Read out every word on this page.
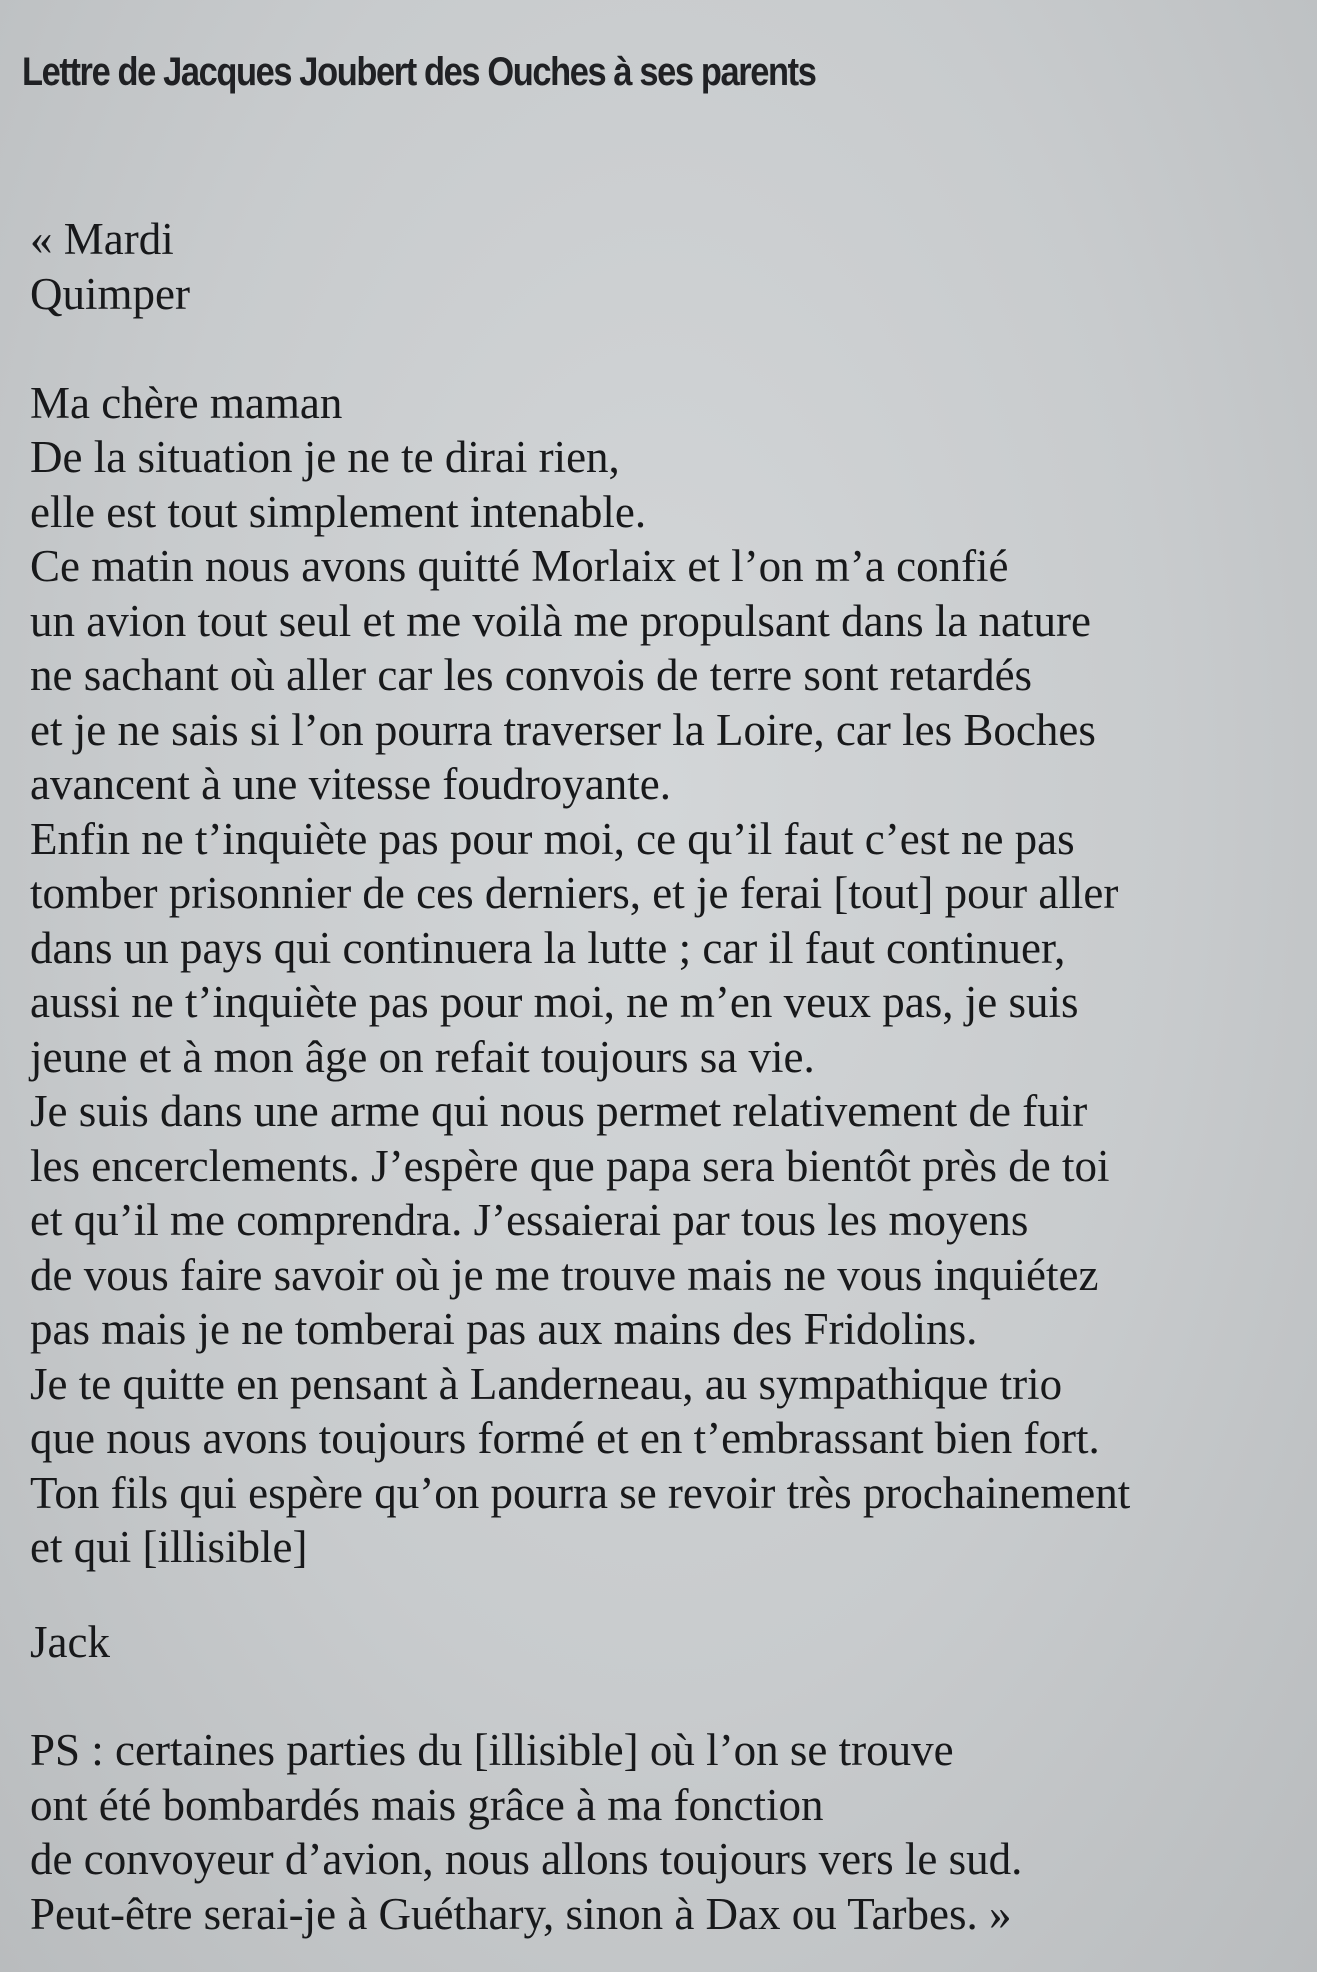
Lettre de Jacques Joubert des Ouches à ses parents
« Mardi
Quimper
Ma chère maman
De la situation je ne te dirai rien,
elle est tout simplement intenable.
Ce matin nous avons quitté Morlaix et l’on m’a confié
un avion tout seul et me voilà me propulsant dans la nature
ne sachant où aller car les convois de terre sont retardés
et je ne sais si l’on pourra traverser la Loire, car les Boches
avancent à une vitesse foudroyante.
Enfin ne t’inquiète pas pour moi, ce qu’il faut c’est ne pas
tomber prisonnier de ces derniers, et je ferai [tout] pour aller
dans un pays qui continuera la lutte ; car il faut continuer,
aussi ne t’inquiète pas pour moi, ne m’en veux pas, je suis
jeune et à mon âge on refait toujours sa vie.
Je suis dans une arme qui nous permet relativement de fuir
les encerclements. J’espère que papa sera bientôt près de toi
et qu’il me comprendra. J’essaierai par tous les moyens
de vous faire savoir où je me trouve mais ne vous inquiétez
pas mais je ne tomberai pas aux mains des Fridolins.
Je te quitte en pensant à Landerneau, au sympathique trio
que nous avons toujours formé et en t’embrassant bien fort.
Ton fils qui espère qu’on pourra se revoir très prochainement
et qui [illisible]
Jack
PS : certaines parties du [illisible] où l’on se trouve
ont été bombardés mais grâce à ma fonction
de convoyeur d’avion, nous allons toujours vers le sud.
Peut-être serai-je à Guéthary, sinon à Dax ou Tarbes. »
